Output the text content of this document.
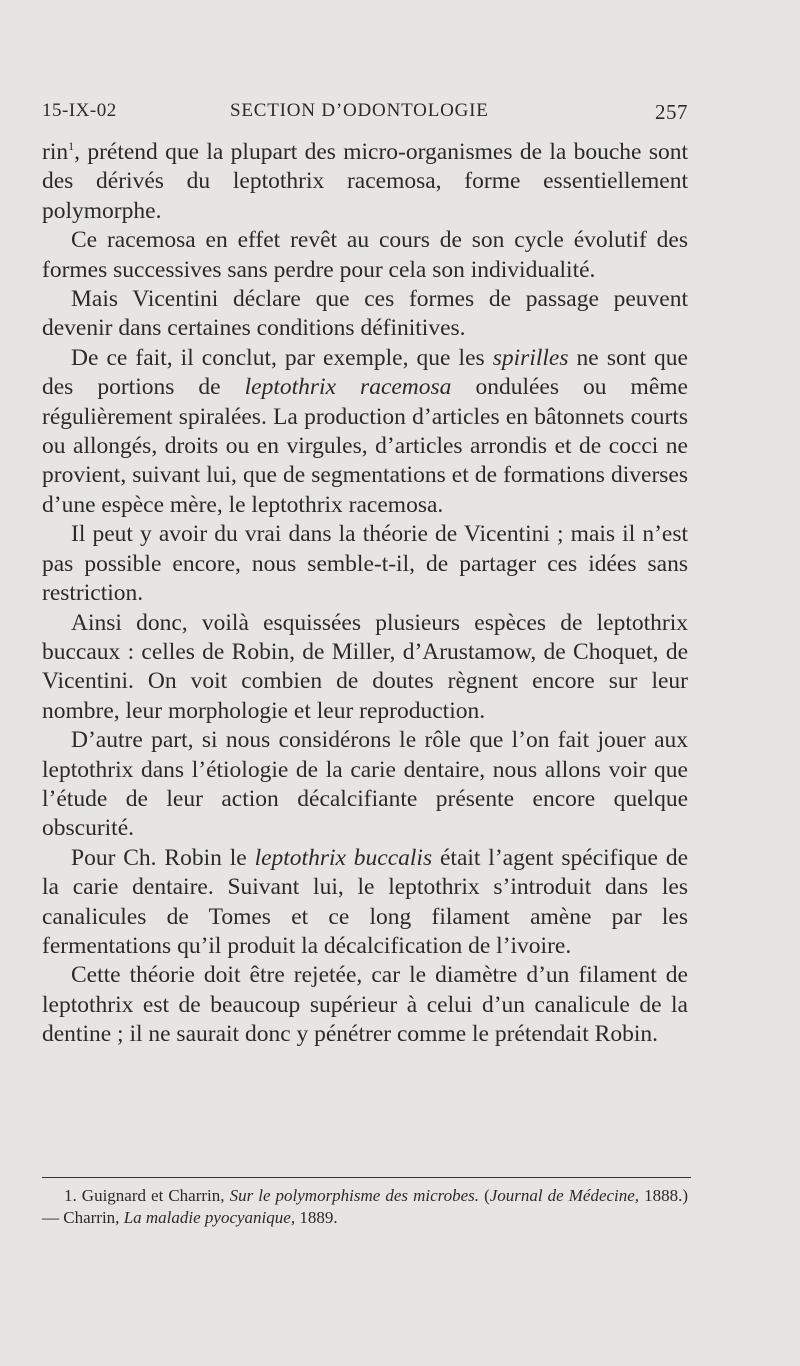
15-IX-02	SECTION D’ODONTOLOGIE	257

rin$^1$, prétend que la plupart des micro-organismes de la bouche sont des dérivés du leptothrix racemosa, forme essentiellement polymorphe.

Ce racemosa en effet revêt au cours de son cycle évolutif des formes successives sans perdre pour cela son individualité.

Mais Vicentini déclare que ces formes de passage peuvent devenir dans certaines conditions définitives.

De ce fait, il conclut, par exemple, que les spirilles ne sont que des portions de leptothrix racemosa ondulées ou même régulièrement spiralées. La production d’articles en bâtonnets courts ou allongés, droits ou en virgules, d’articles arrondis et de cocci ne provient, suivant lui, que de segmentations et de formations diverses d’une espèce mère, le leptothrix racemosa.

Il peut y avoir du vrai dans la théorie de Vicentini ; mais il n’est pas possible encore, nous semble-t-il, de partager ces idées sans restriction.

Ainsi donc, voilà esquissées plusieurs espèces de leptothrix buccaux : celles de Robin, de Miller, d’Arustamow, de Choquet, de Vicentini. On voit combien de doutes règnent encore sur leur nombre, leur morphologie et leur reproduction.

D’autre part, si nous considérons le rôle que l’on fait jouer aux leptothrix dans l’étiologie de la carie dentaire, nous allons voir que l’étude de leur action décalcifiante présente encore quelque obscurité.

Pour Ch. Robin le leptothrix buccalis était l’agent spécifique de la carie dentaire. Suivant lui, le leptothrix s’introduit dans les canalicules de Tomes et ce long filament amène par les fermentations qu’il produit la décalcification de l’ivoire.

Cette théorie doit être rejetée, car le diamètre d’un filament de leptothrix est de beaucoup supérieur à celui d’un canalicule de la dentine ; il ne saurait donc y pénétrer comme le prétendait Robin.

1. Guignard et Charrin, Sur le polymorphisme des microbes. (Journal de Médecine, 1888.) — Charrin, La maladie pyocyanique, 1889.
